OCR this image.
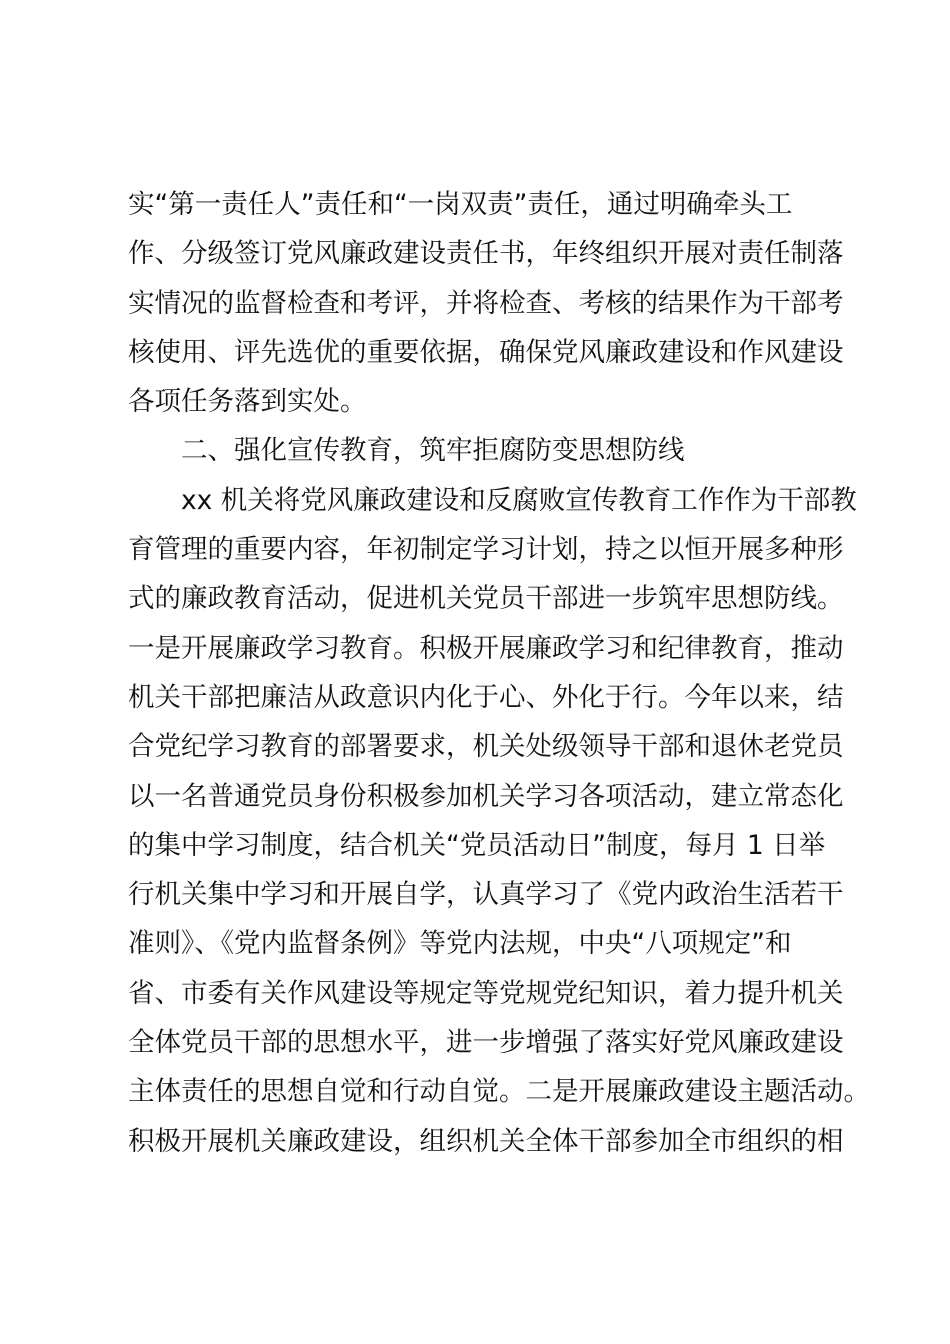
实“第一责任人”责任和“一岗双责”责任，通过明确牵头工
作、分级签订党风廉政建设责任书，年终组织开展对责任制落
实情况的监督检查和考评，并将检查、考核的结果作为干部考
核使用、评先选优的重要依据，确保党风廉政建设和作风建设
各项任务落到实处。
二、强化宣传教育，筑牢拒腐防变思想防线
xx 机关将党风廉政建设和反腐败宣传教育工作作为干部教
育管理的重要内容，年初制定学习计划，持之以恒开展多种形
式的廉政教育活动，促进机关党员干部进一步筑牢思想防线。
一是开展廉政学习教育。积极开展廉政学习和纪律教育，推动
机关干部把廉洁从政意识内化于心、外化于行。今年以来，结
合党纪学习教育的部署要求，机关处级领导干部和退休老党员
以一名普通党员身份积极参加机关学习各项活动，建立常态化
的集中学习制度，结合机关“党员活动日”制度，每月 1 日举
行机关集中学习和开展自学，认真学习了《党内政治生活若干
准则》、《党内监督条例》等党内法规，中央“八项规定”和
省、市委有关作风建设等规定等党规党纪知识，着力提升机关
全体党员干部的思想水平，进一步增强了落实好党风廉政建设
主体责任的思想自觉和行动自觉。二是开展廉政建设主题活动。
积极开展机关廉政建设，组织机关全体干部参加全市组织的相
